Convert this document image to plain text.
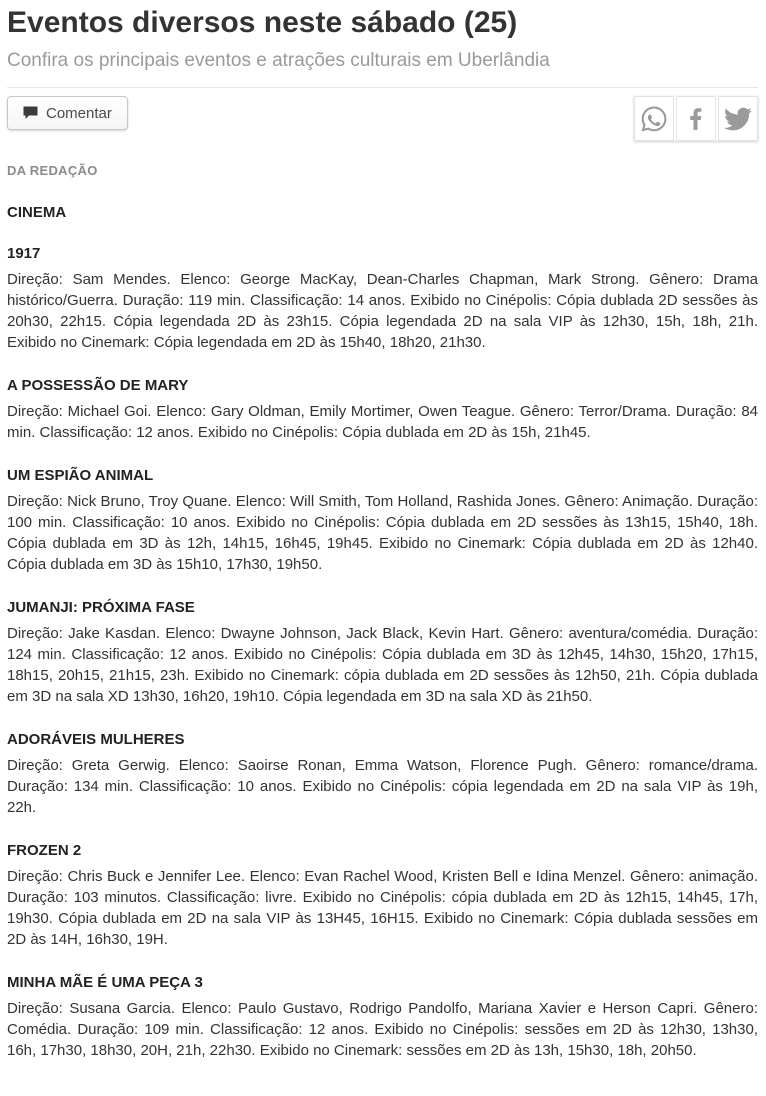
Eventos diversos neste sábado (25)

Confira os principais eventos e atrações culturais em Uberlândia

Comentar
DA REDAÇÃO
CINEMA
1917

Direção: Sam Mendes. Elenco: George MacKay, Dean-Charles Chapman, Mark Strong. Gênero: Drama histórico/Guerra. Duração: 119 min. Classificação: 14 anos. Exibido no Cinépolis: Cópia dublada 2D sessões às 20h30, 22h15. Cópia legendada 2D às 23h15. Cópia legendada 2D na sala VIP às 12h30, 15h, 18h, 21h. Exibido no Cinemark: Cópia legendada em 2D às 15h40, 18h20, 21h30.

A POSSESSÃO DE MARY

Direção: Michael Goi. Elenco: Gary Oldman, Emily Mortimer, Owen Teague. Gênero: Terror/Drama. Duração: 84 min. Classificação: 12 anos. Exibido no Cinépolis: Cópia dublada em 2D às 15h, 21h45.

UM ESPIÃO ANIMAL

Direção: Nick Bruno, Troy Quane. Elenco: Will Smith, Tom Holland, Rashida Jones. Gênero: Animação. Duração: 100 min. Classificação: 10 anos. Exibido no Cinépolis: Cópia dublada em 2D sessões às 13h15, 15h40, 18h. Cópia dublada em 3D às 12h, 14h15, 16h45, 19h45. Exibido no Cinemark: Cópia dublada em 2D às 12h40. Cópia dublada em 3D às 15h10, 17h30, 19h50.

JUMANJI: PRÓXIMA FASE

Direção: Jake Kasdan. Elenco: Dwayne Johnson, Jack Black, Kevin Hart. Gênero: aventura/comédia. Duração: 124 min. Classificação: 12 anos. Exibido no Cinépolis: Cópia dublada em 3D às 12h45, 14h30, 15h20, 17h15, 18h15, 20h15, 21h15, 23h. Exibido no Cinemark: cópia dublada em 2D sessões às 12h50, 21h. Cópia dublada em 3D na sala XD 13h30, 16h20, 19h10. Cópia legendada em 3D na sala XD às 21h50.

ADORÁVEIS MULHERES

Direção: Greta Gerwig. Elenco: Saoirse Ronan, Emma Watson, Florence Pugh. Gênero: romance/drama. Duração: 134 min. Classificação: 10 anos. Exibido no Cinépolis: cópia legendada em 2D na sala VIP às 19h, 22h.

FROZEN 2

Direção: Chris Buck e Jennifer Lee. Elenco: Evan Rachel Wood, Kristen Bell e Idina Menzel. Gênero: animação. Duração: 103 minutos. Classificação: livre. Exibido no Cinépolis: cópia dublada em 2D às 12h15, 14h45, 17h, 19h30. Cópia dublada em 2D na sala VIP às 13H45, 16H15. Exibido no Cinemark: Cópia dublada sessões em 2D às 14H, 16h30, 19H.

MINHA MÃE É UMA PEÇA 3

Direção: Susana Garcia. Elenco: Paulo Gustavo, Rodrigo Pandolfo, Mariana Xavier e Herson Capri. Gênero: Comédia. Duração: 109 min. Classificação: 12 anos. Exibido no Cinépolis: sessões em 2D às 12h30, 13h30, 16h, 17h30, 18h30, 20H, 21h, 22h30. Exibido no Cinemark: sessões em 2D às 13h, 15h30, 18h, 20h50.
